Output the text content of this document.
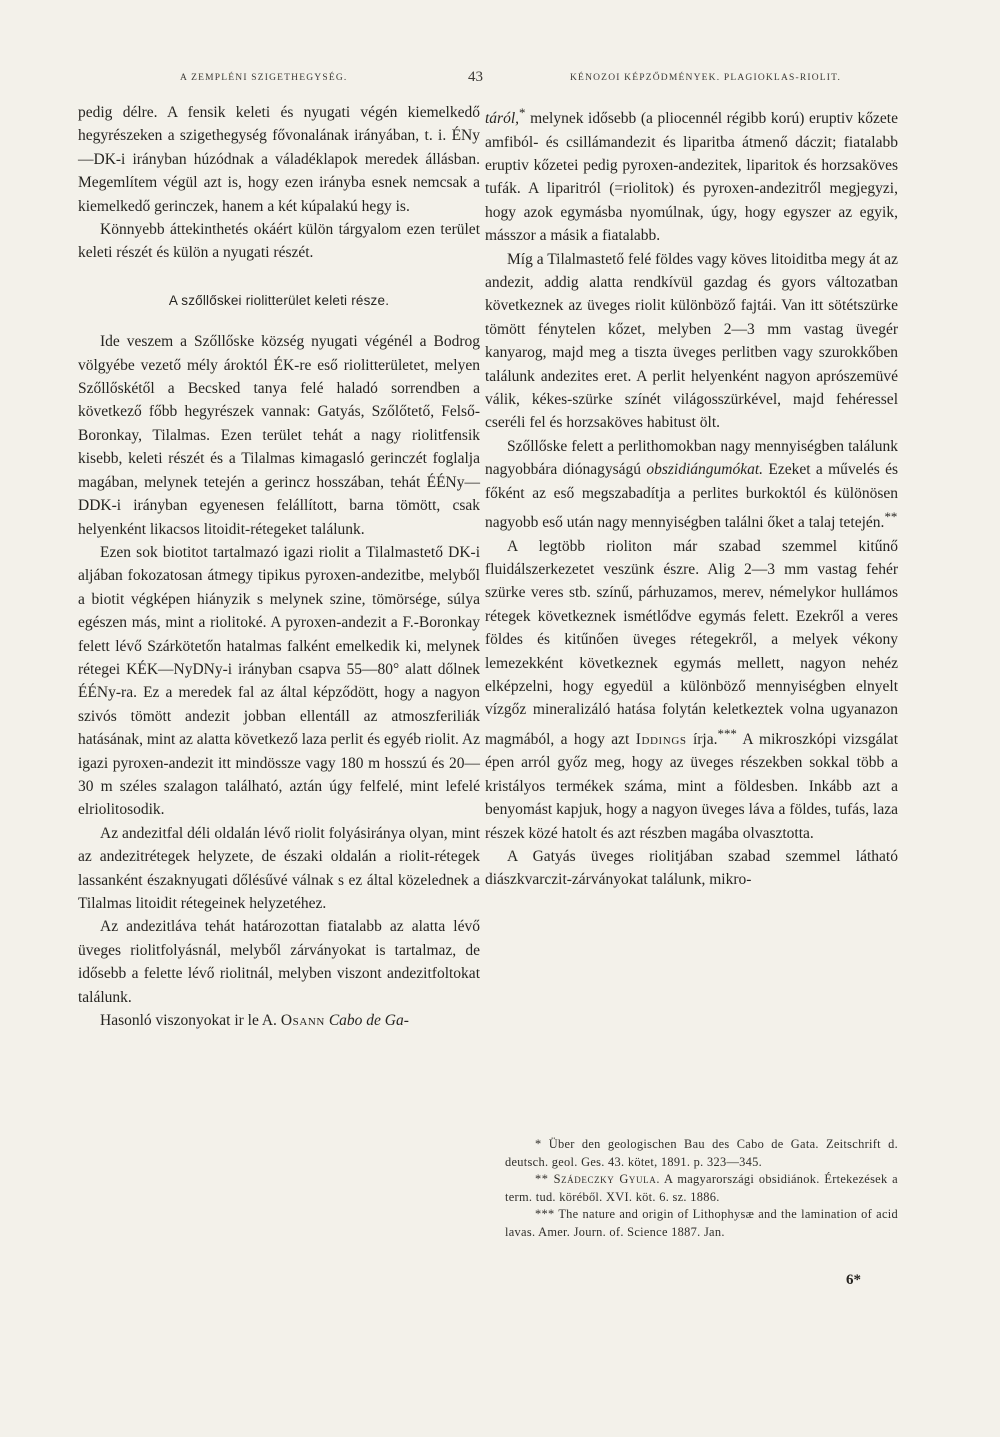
A ZEMPLÉNI SZIGETHEGYSÉG.	43	KÉNOZOI KÉPZŐDMÉNYEK. PLAGIOKLAS-RIOLIT.

pedig délre. A fensik keleti és nyugati végén kiemelkedő hegyrészeken a szigethegység fővonalának irányában, t. i. ÉNy—DK-i irányban húzódnak a váladéklapok meredek állásban. Megemlítem végül azt is, hogy ezen irányba esnek nemcsak a kiemelkedő gerinczek, hanem a két kúpalakú hegy is.

Könnyebb áttekinthetés okáért külön tárgyalom ezen terület keleti részét és külön a nyugati részét.

A szőllőskei riolitterület keleti része.

Ide veszem a Szőllőske község nyugati végénél a Bodrog völgyébe vezető mély ároktól ÉK-re eső riolitterületet, melyen Szőllőskétől a Becsked tanya felé haladó sorrendben a következő főbb hegyrészek vannak: Gatyás, Szőlőtető, Felső-Boronkay, Tilalmas. Ezen terület tehát a nagy riolitfensik kisebb, keleti részét és a Tilalmas kimagasló gerinczét foglalja magában, melynek tetején a gerincz hosszában, tehát ÉÉNy—DDK-i irányban egyenesen felállított, barna tömött, csak helyenként likacsos litoidit-rétegeket találunk.

Ezen sok biotitot tartalmazó igazi riolit a Tilalmastető DK-i aljában fokozatosan átmegy tipikus pyroxen-andezitbe, melyből a biotit végképen hiányzik s melynek szine, tömörsége, súlya egészen más, mint a riolitoké. A pyroxen-andezit a F.-Boronkay felett lévő Szárkötetőn hatalmas falként emelkedik ki, melynek rétegei KÉK—NyDNy-i irányban csapva 55—80° alatt dőlnek ÉÉNy-ra. Ez a meredek fal az által képződött, hogy a nagyon szivós tömött andezit jobban ellentáll az atmoszferiliák hatásának, mint az alatta következő laza perlit és egyéb riolit. Az igazi pyroxen-andezit itt mindössze vagy 180 m hosszú és 20—30 m széles szalagon található, aztán úgy felfelé, mint lefelé elriolitosodik.

Az andezitfal déli oldalán lévő riolit folyásiránya olyan, mint az andezitrétegek helyzete, de északi oldalán a riolit-rétegek lassanként északnyugati dőlésűvé válnak s ez által közelednek a Tilalmas litoidit rétegeinek helyzetéhez.

Az andezitláva tehát határozottan fiatalabb az alatta lévő üveges riolitfolyásnál, melyből zárványokat is tartalmaz, de idősebb a felette lévő riolitnál, melyben viszont andezitfoltokat találunk.

Hasonló viszonyokat ir le A. Osann Cabo de Ga-

táról,* melynek idősebb (a pliocennél régibb korú) eruptiv kőzete amfiból- és csillámandezit és liparitba átmenő dáczit; fiatalabb eruptiv kőzetei pedig pyroxen-andezitek, liparitok és horzsaköves tufák. A liparitról (=riolitok) és pyroxen-andezitről megjegyzi, hogy azok egymásba nyomúlnak, úgy, hogy egyszer az egyik, másszor a másik a fiatalabb.

Míg a Tilalmastető felé földes vagy köves litoiditba megy át az andezit, addig alatta rendkívül gazdag és gyors változatban következnek az üveges riolit különböző fajtái. Van itt sötétszürke tömött fénytelen kőzet, melyben 2—3 mm vastag üvegér kanyarog, majd meg a tiszta üveges perlitben vagy szurokkőben találunk andezites eret. A perlit helyenként nagyon aprószemüvé válik, kékes-szürke színét világosszürkével, majd fehéressel cseréli fel és horzsaköves habitust ölt.

Szőllőske felett a perlithomokban nagy mennyiségben találunk nagyobbára diónagyságú obszidiángumókat. Ezeket a művelés és főként az eső megszabadítja a perlites burkoktól és különösen nagyobb eső után nagy mennyiségben találni őket a talaj tetején.**

A legtöbb rioliton már szabad szemmel kitűnő fluidálszerkezetet veszünk észre. Alig 2—3 mm vastag fehér szürke veres stb. színű, párhuzamos, merev, némelykor hullámos rétegek következnek ismétlődve egymás felett. Ezekről a veres földes és kitűnően üveges rétegekről, a melyek vékony lemezekként következnek egymás mellett, nagyon nehéz elképzelni, hogy egyedül a különböző mennyiségben elnyelt vízgőz mineralizáló hatása folytán keletkeztek volna ugyanazon magmából, a hogy azt Iddings írja.*** A mikroszkópi vizsgálat épen arról győz meg, hogy az üveges részekben sokkal több a kristályos termékek száma, mint a földesben. Inkább azt a benyomást kapjuk, hogy a nagyon üveges láva a földes, tufás, laza részek közé hatolt és azt részben magába olvasztotta.

A Gatyás üveges riolitjában szabad szemmel látható diászkvarczit-zárványokat találunk, mikro-

* Über den geologischen Bau des Cabo de Gata. Zeitschrift d. deutsch. geol. Ges. 43. kötet, 1891. p. 323—345.

** Szádeczky Gyula. A magyarországi obsidiánok. Értekezések a term. tud. köréből. XVI. köt. 6. sz. 1886.

*** The nature and origin of Lithophysæ and the lamination of acid lavas. Amer. Journ. of. Science 1887. Jan.

6*
